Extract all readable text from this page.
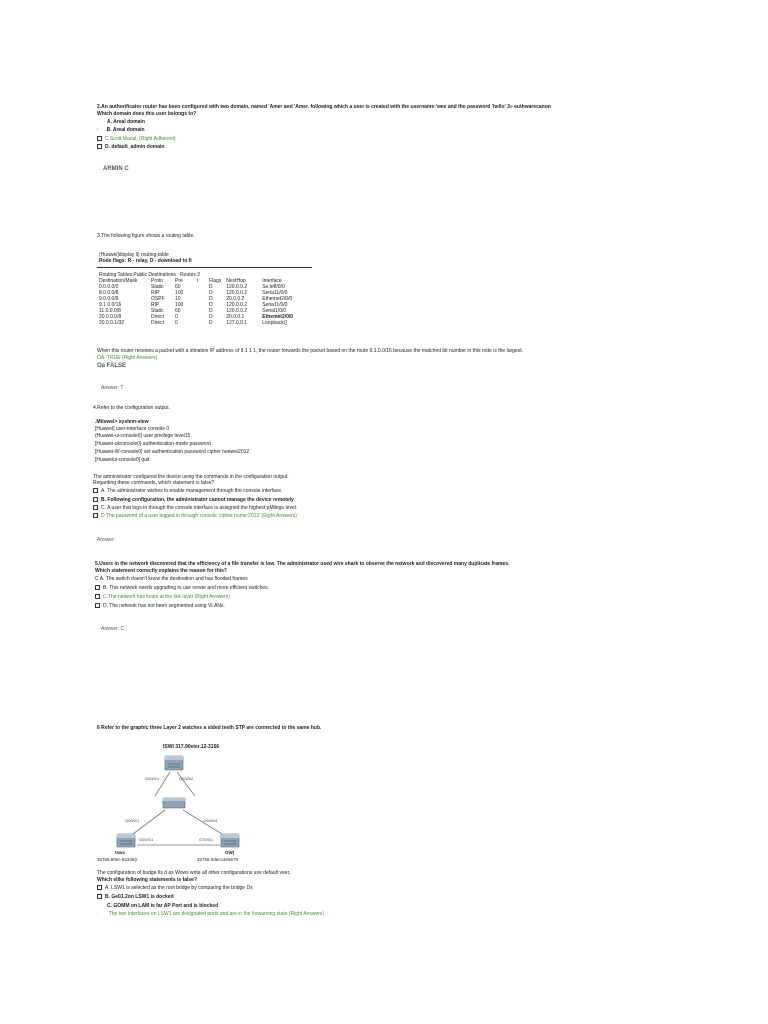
2.An authorificator router has been configured with two domain, named 'Amer and 'Amer. following which a user is created with the username:'wee and the password 'hello' 3» euthwarecanon
Which domain does this user belongs to?
A. Areal domain
· B. Areal domain
C Scott Manal, (Right Adherent)
D. default_admin domain
ARMIN C
3.The following figure shows a routing table.
(Huawei]display ll) routing-table
Rode flags: R - relay, D - download to fi
Routing Tables:Public Destinations : Routes:2
Destination/Mask	Proto	Pre	t	Flags	NextHop	Interface
0.0.0.0/0	Static	60		D	120.0.0.2	Se.tefl/0/0
8.0.0.0/8	RIP	100		D	120.0.0.2	Seria11/0/0
9.0.0.0/8	OSPF	10		D	20.0.0.2	Ethernet2/0/0
9.1.0.0/16	RIP	100		D	120.0.0.2	Seria11/0/0
11.0.0.0/8	Static	60		D	120.0.0.2	Serial1/0/0
20.0.0.0/8	Direct	0		D	20.0.0.1	Ethemet2/0/0
20.0.0.1/32	Direct	0		D	127.0.0.1	Loopback()
When this router receives a packet with a stination IP address of 9.1 1 1, the router forwards the packet based on the route 9.1.0.0/16 because the matched bit number in this rotte is the largest.
OA. TRUE (Right Answers)
Oa FALSE
Answer: T
4.Refer to the configuration output.
.Mtiswel> system-view
[Huawei] user-interface console 0
(Huawei-ui-console0] user privilege level15
[Huawei-ukconsole0] authentication-mode password
[Huawei-W-console0] set authentication password cipher heewei2012
[Huaweiui-console0] quit
The administrator configured the device using the commands in the configuration output.
Regarding these commands, which statement is false?
A. The administrator wishes to enable management through the console interface.
B. Following configuration, the administrator cannot manage the device remotely
C. A user that logs-in through the console interface is assigned the highest pMilege level.
D The password of a user logged in through console 'cipher home:2012' (Right Answers)
Answer:
5.Users in the network discovered that the efficiency of a file transfer is low. The administrator used wire shark to observe the network and discovered many duplicate frames.
Which statement correctly explains the reason for this?
C A. The switch doesn't know the destination and has flooded frames
B. This network needs upgrading to use newer and more efficient switches.
C The network has loops at the link layer (Right Answers)
D. The network has not been segmented using VLANs.
Answer: C
6 Refer to the graphic three Layer 2 watches a sided teeth STP are connected to the same hub.
ISWI 317.90eter.12-3156
G00/0/1	G00/0/2
G00/0/1	G00/0/4
G00/0/1	GT0/0/1
tsws
32766.80ec-62345(r
OW)
32765 0decn3e5678
The configuration of budge Ils d as Wows write all other configurations use default veer,
Which elike following statements is false?
A. LSW1 is selected as the root bridge by comparing the bridge Ds
B. Ge01.2on LSW1 is docked
C. GOMM on LAM is far AP Port and is blocked
· The two interfaces on LSW1 are designated ports and are in the forwarning state (Right Answers)
